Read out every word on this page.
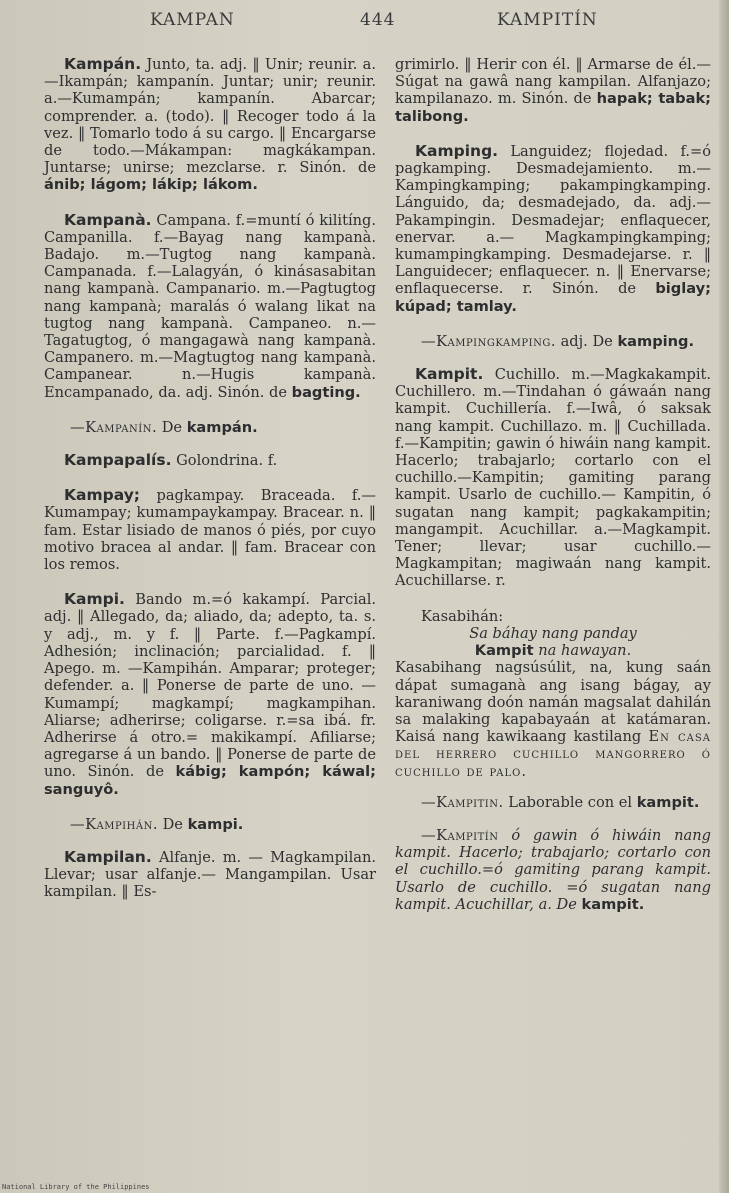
KAMPAN	444	KAMPITÍN

Kampán. Junto, ta. adj. ‖ Unir; reunir. a.—Ikampán; kampanín. Juntar; unir; reunir. a.—Kumampán; kampanín. Abarcar; comprender. a. (todo). ‖ Recoger todo á la vez. ‖ Tomarlo todo á su cargo. ‖ Encargarse de todo.—Mákampan: magkákampan. Juntarse; unirse; mezclarse. r. Sinón. de ánib; lágom; lákip; lákom.

Kampanà. Campana. f.=muntí ó kilitíng. Campanilla. f.—Bayag nang kampanà. Badajo. m.—Tugtog nang kampanà. Campanada. f.—Lalagyán, ó kinásasabitan nang kampanà. Campanario. m.—Pagtugtog nang kampanà; maralás ó walang likat na tugtog nang kampanà. Campaneo. n.—Tagatugtog, ó mangagawà nang kampanà. Campanero. m.—Magtugtog nang kampanà. Campanear. n.—Hugis kampanà. Encampanado, da. adj. Sinón. de bagting.

—Kampanín. De kampán.

Kampapalís. Golondrina. f.

Kampay; pagkampay. Braceada. f.—Kumampay; kumampaykampay. Bracear. n. ‖ fam. Estar lisiado de manos ó piés, por cuyo motivo bracea al andar. ‖ fam. Bracear con los remos.

Kampi. Bando m.=ó kakampí. Parcial. adj. ‖ Allegado, da; aliado, da; adepto, ta. s. y adj., m. y f. ‖ Parte. f.—Pagkampí. Adhesión; inclinación; parcialidad. f. ‖ Apego. m. —Kampihán. Amparar; proteger; defender. a. ‖ Ponerse de parte de uno. —Kumampí; magkampí; magkampihan. Aliarse; adherirse; coligarse. r.=sa ibá. fr. Adherirse á otro.= makikampí. Afiliarse; agregarse á un bando. ‖ Ponerse de parte de uno. Sinón. de kábig; kampón; káwal; sanguyô.

—Kampihán. De kampi.

Kampilan. Alfanje. m. — Magkampilan. Llevar; usar alfanje.— Mangampilan. Usar kampilan. ‖ Es-

grimirlo. ‖ Herir con él. ‖ Armarse de él.—Súgat na gawâ nang kampilan. Alfanjazo; kampilanazo. m. Sinón. de hapak; tabak; talibong.

Kamping. Languidez; flojedad. f.=ó pagkamping. Desmadejamiento. m.—Kampingkamping; pakampingkamping. Lánguido, da; desmadejado, da. adj.—Pakampingin. Desmadejar; enflaquecer, enervar. a.— Magkampingkamping; kumampingkamping. Desmadejarse. r. ‖ Languidecer; enflaquecer. n. ‖ Enervarse; enflaquecerse. r. Sinón. de biglay; kúpad; tamlay.

—Kampingkamping. adj. De kamping.

Kampit. Cuchillo. m.—Magkakampit. Cuchillero. m.—Tindahan ó gáwaán nang kampit. Cuchillería. f.—Iwâ, ó saksak nang kampit. Cuchillazo. m. ‖ Cuchillada. f.—Kampitin; gawin ó hiwáin nang kampit. Hacerlo; trabajarlo; cortarlo con el cuchillo.—Kampitin; gamiting parang kampit. Usarlo de cuchillo.— Kampitin, ó sugatan nang kampit; pagkakampitin; mangampit. Acuchillar. a.—Magkampit. Tener; llevar; usar cuchillo.—Magkampitan; magiwaán nang kampit. Acuchillarse. r.

Kasabihán:
Sa báhay nang panday
Kampit na hawayan.
Kasabihang nagsúsúlit, na, kung saán dápat sumaganà ang isang bágay, ay karaniwang doón namán magsalat dahilán sa malaking kapabayaán at katámaran. Kaisá nang kawikaang kastilang En casa del herrero cuchillo mangorrero ó cuchillo de palo.

—Kampitin. Laborable con el kampit.

—Kampitín ó gawin ó hiwáin nang kampit. Hacerlo; trabajarlo; cortarlo con el cuchillo.=ó gamiting parang kampit. Usarlo de cuchillo. =ó sugatan nang kampit. Acuchillar, a. De kampit.

National Library of the Philippines
